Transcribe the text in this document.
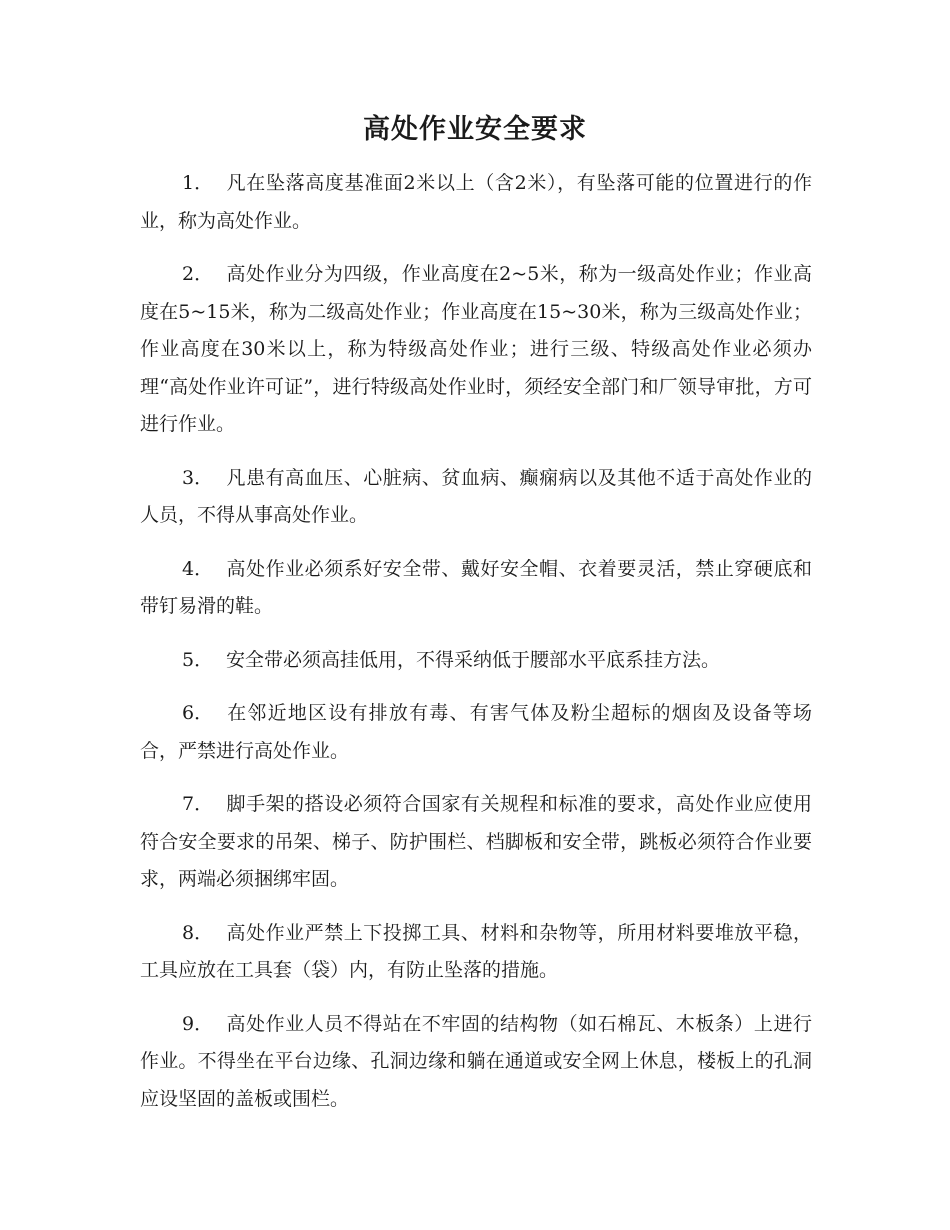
高处作业安全要求

1． 凡在坠落高度基准面2米以上（含2米），有坠落可能的位置进行的作业，称为高处作业。

2． 高处作业分为四级，作业高度在2~5米，称为一级高处作业；作业高度在5~15米，称为二级高处作业；作业高度在15~30米，称为三级高处作业；作业高度在30米以上，称为特级高处作业；进行三级、特级高处作业必须办理“高处作业许可证”，进行特级高处作业时，须经安全部门和厂领导审批，方可进行作业。

3． 凡患有高血压、心脏病、贫血病、癫痫病以及其他不适于高处作业的人员，不得从事高处作业。

4． 高处作业必须系好安全带、戴好安全帽、衣着要灵活，禁止穿硬底和带钉易滑的鞋。

5． 安全带必须高挂低用，不得采纳低于腰部水平底系挂方法。

6． 在邻近地区设有排放有毒、有害气体及粉尘超标的烟囱及设备等场合，严禁进行高处作业。

7． 脚手架的搭设必须符合国家有关规程和标准的要求，高处作业应使用符合安全要求的吊架、梯子、防护围栏、档脚板和安全带，跳板必须符合作业要求，两端必须捆绑牢固。

8． 高处作业严禁上下投掷工具、材料和杂物等，所用材料要堆放平稳，工具应放在工具套（袋）内，有防止坠落的措施。

9． 高处作业人员不得站在不牢固的结构物（如石棉瓦、木板条）上进行作业。不得坐在平台边缘、孔洞边缘和躺在通道或安全网上休息，楼板上的孔洞应设坚固的盖板或围栏。
